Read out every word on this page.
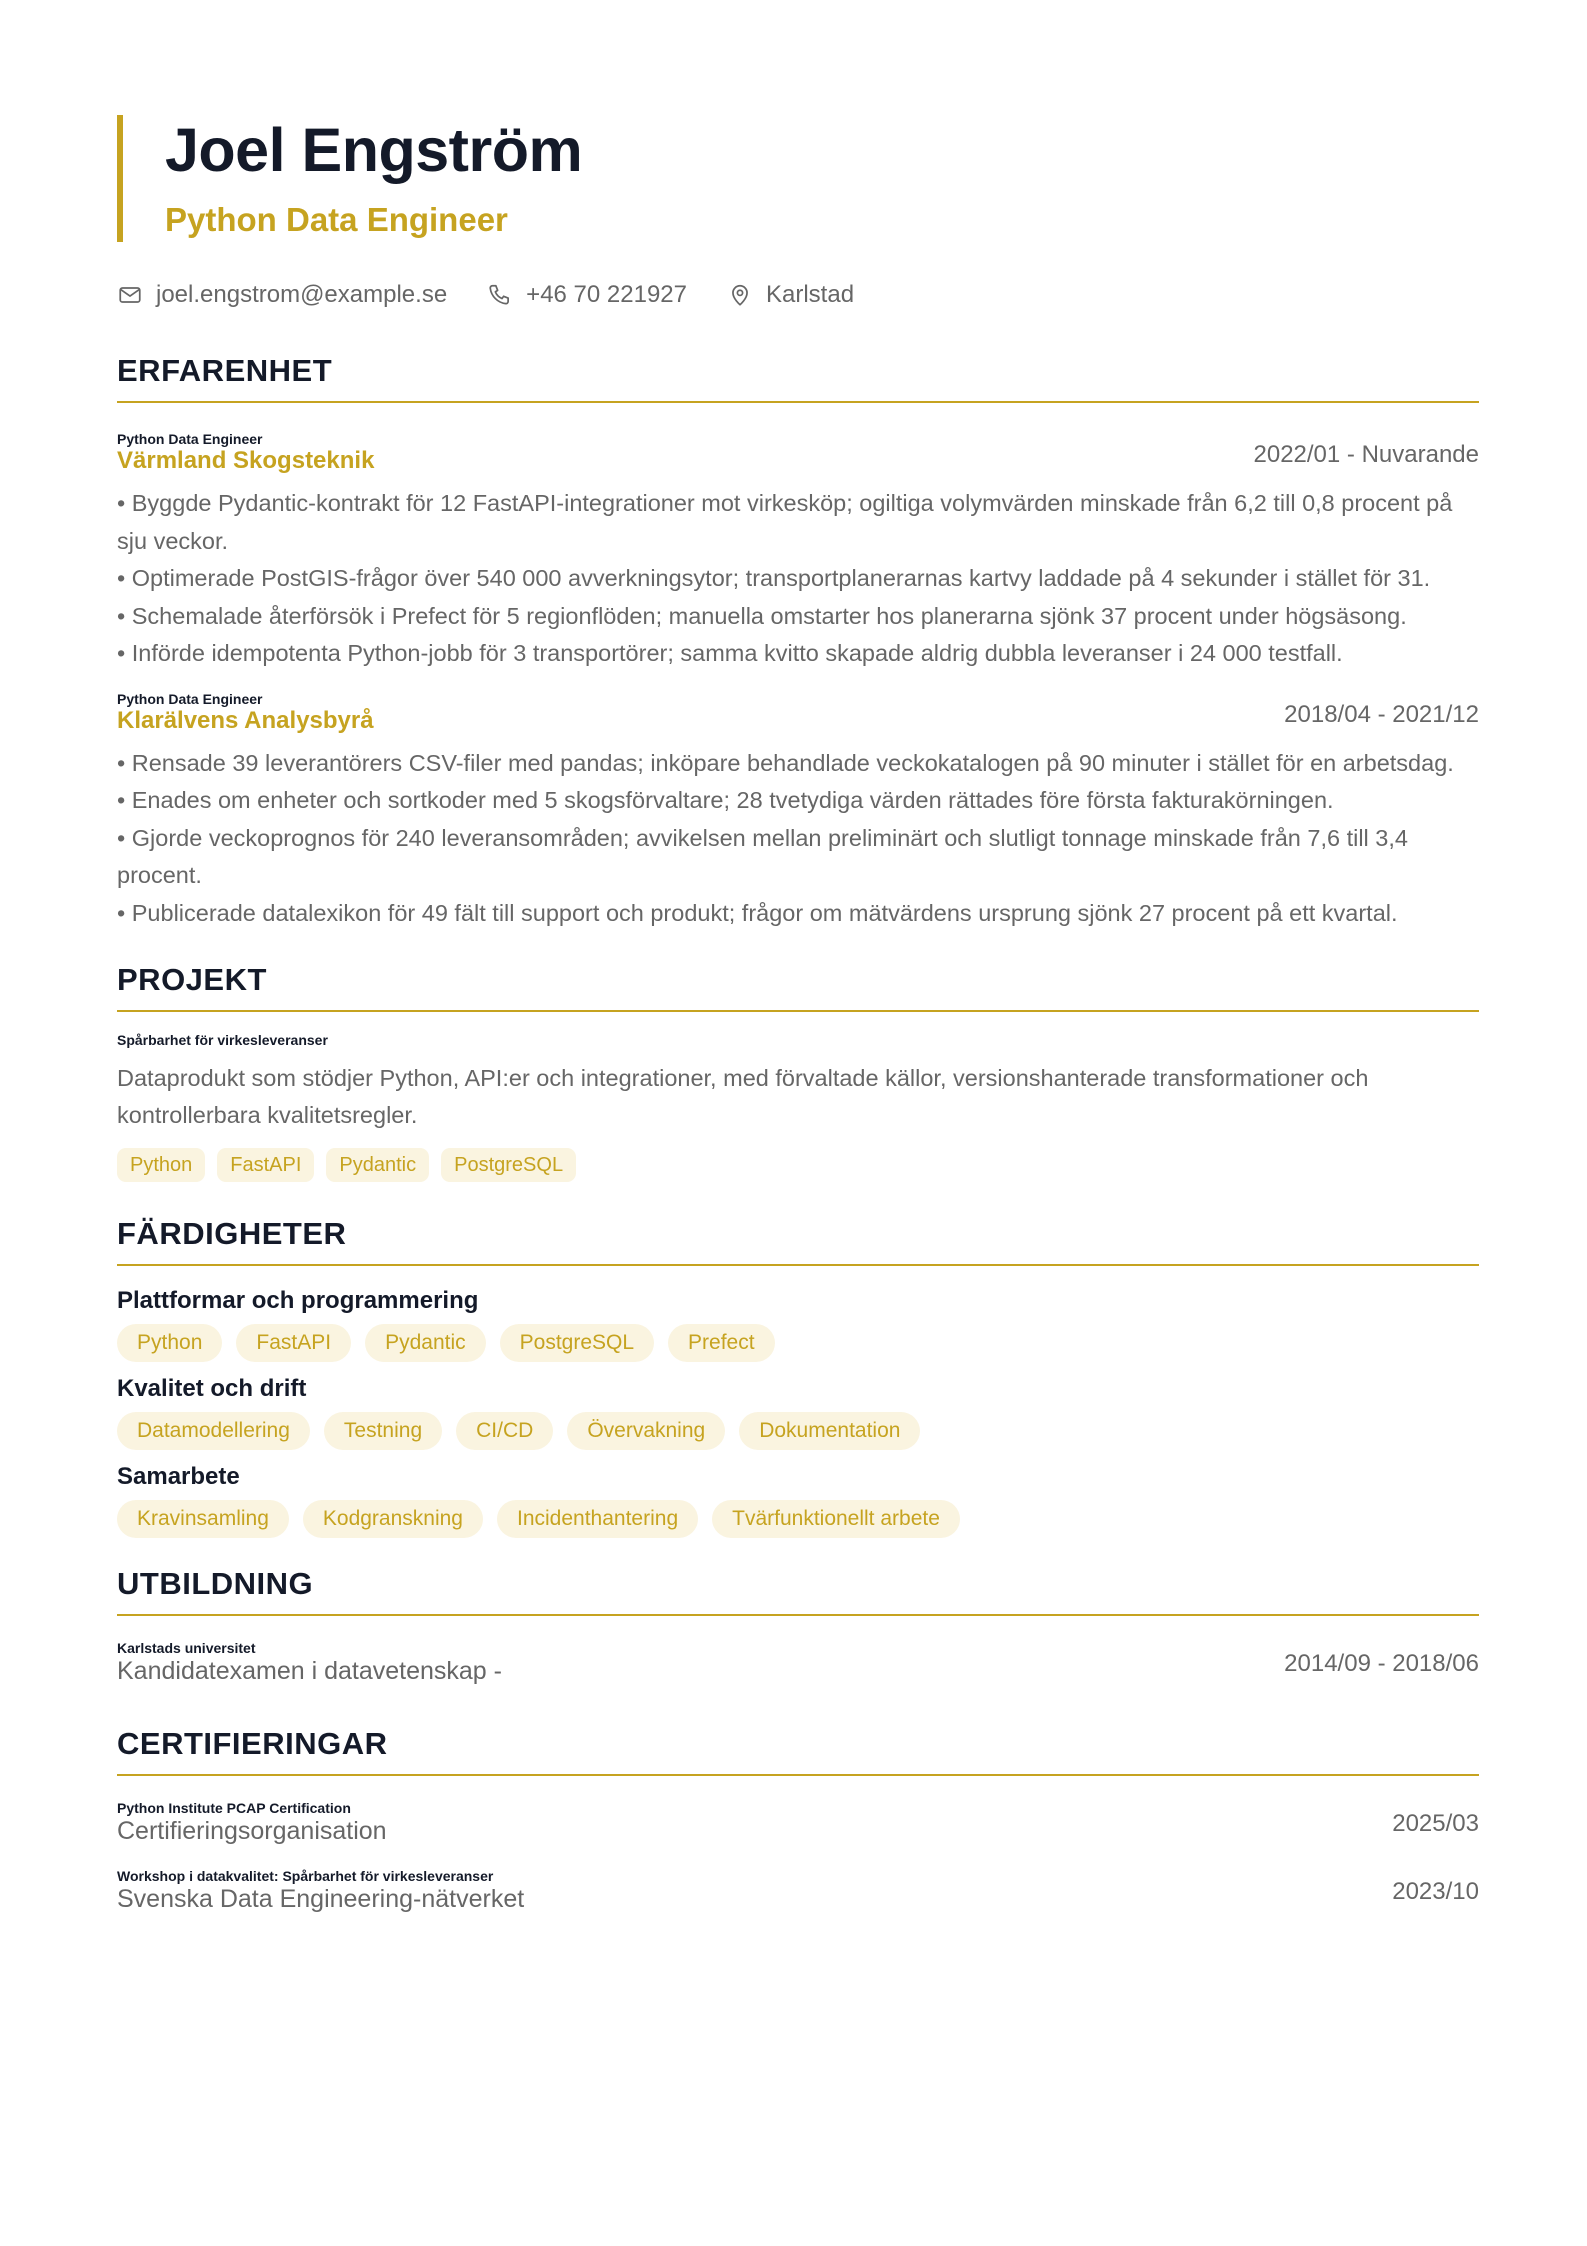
Joel Engström
Python Data Engineer
joel.engstrom@example.se	+46 70 221927	Karlstad
ERFARENHET
2022/01 - Nuvarande
Python Data Engineer
Värmland Skogsteknik
• Byggde Pydantic-kontrakt för 12 FastAPI-integrationer mot virkesköp; ogiltiga volymvärden minskade från 6,2 till 0,8 procent på sju veckor.
• Optimerade PostGIS-frågor över 540 000 avverkningsytor; transportplanerarnas kartvy laddade på 4 sekunder i stället för 31.
• Schemalade återförsök i Prefect för 5 regionflöden; manuella omstarter hos planerarna sjönk 37 procent under högsäsong.
• Införde idempotenta Python-jobb för 3 transportörer; samma kvitto skapade aldrig dubbla leveranser i 24 000 testfall.
2018/04 - 2021/12
Python Data Engineer
Klarälvens Analysbyrå
• Rensade 39 leverantörers CSV-filer med pandas; inköpare behandlade veckokatalogen på 90 minuter i stället för en arbetsdag.
• Enades om enheter och sortkoder med 5 skogsförvaltare; 28 tvetydiga värden rättades före första fakturakörningen.
• Gjorde veckoprognos för 240 leveransområden; avvikelsen mellan preliminärt och slutligt tonnage minskade från 7,6 till 3,4 procent.
• Publicerade datalexikon för 49 fält till support och produkt; frågor om mätvärdens ursprung sjönk 27 procent på ett kvartal.
PROJEKT
Spårbarhet för virkesleveranser
Dataprodukt som stödjer Python, API:er och integrationer, med förvaltade källor, versionshanterade transformationer och kontrollerbara kvalitetsregler.
Python	FastAPI	Pydantic	PostgreSQL
FÄRDIGHETER
Plattformar och programmering
Python	FastAPI	Pydantic	PostgreSQL	Prefect
Kvalitet och drift
Datamodellering	Testning	CI/CD	Övervakning	Dokumentation
Samarbete
Kravinsamling	Kodgranskning	Incidenthantering	Tvärfunktionellt arbete
UTBILDNING
2014/09 - 2018/06
Karlstads universitet
Kandidatexamen i datavetenskap -
CERTIFIERINGAR
2025/03
Python Institute PCAP Certification
Certifieringsorganisation
2023/10
Workshop i datakvalitet: Spårbarhet för virkesleveranser
Svenska Data Engineering-nätverket
